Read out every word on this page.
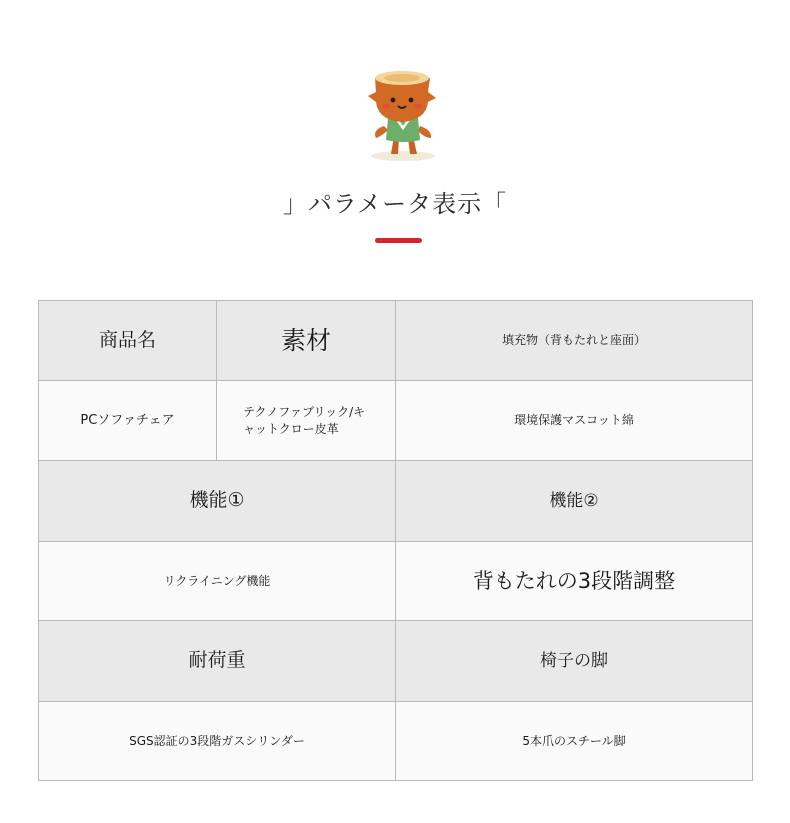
」パラメータ表示「
商品名	素材	填充物（背もたれと座面）
PCソファチェア	テクノファブリック/キャットクロー皮革	環境保護マスコット綿
機能①		機能②
リクライニング機能		背もたれの3段階調整
耐荷重		椅子の脚
SGS認証の3段階ガスシリンダー		5本爪のスチール脚
